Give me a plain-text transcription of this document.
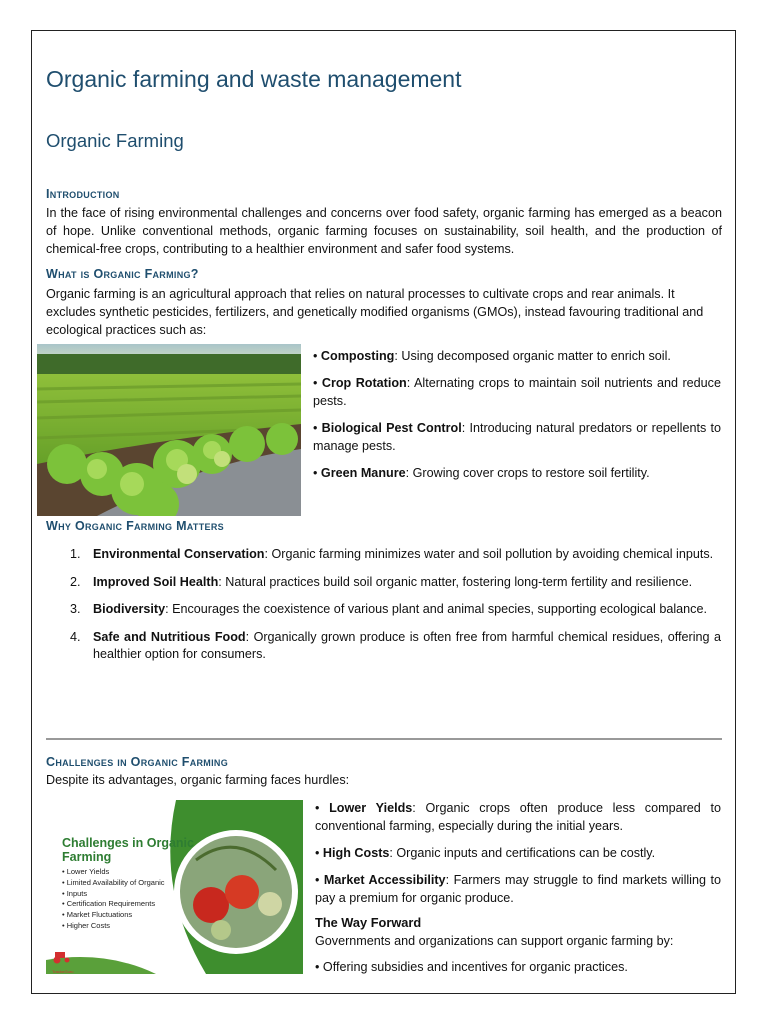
Organic farming and waste management
Organic Farming
Introduction
In the face of rising environmental challenges and concerns over food safety, organic farming has emerged as a beacon of hope. Unlike conventional methods, organic farming focuses on sustainability, soil health, and the production of chemical-free crops, contributing to a healthier environment and safer food systems.
What is Organic Farming?
Organic farming is an agricultural approach that relies on natural processes to cultivate crops and rear animals. It excludes synthetic pesticides, fertilizers, and genetically modified organisms (GMOs), instead favouring traditional and ecological practices such as:
• Composting: Using decomposed organic matter to enrich soil.
• Crop Rotation: Alternating crops to maintain soil nutrients and reduce pests.
• Biological Pest Control: Introducing natural predators or repellents to manage pests.
• Green Manure: Growing cover crops to restore soil fertility.
Why Organic Farming Matters
1. Environmental Conservation: Organic farming minimizes water and soil pollution by avoiding chemical inputs.
2. Improved Soil Health: Natural practices build soil organic matter, fostering long-term fertility and resilience.
3. Biodiversity: Encourages the coexistence of various plant and animal species, supporting ecological balance.
4. Safe and Nutritious Food: Organically grown produce is often free from harmful chemical residues, offering a healthier option for consumers.
Challenges in Organic Farming
Despite its advantages, organic farming faces hurdles:
Challenges in Organic
Farming
• Lower Yields
• Limited Availability of Organic
• Inputs
• Certification Requirements
• Market Fluctuations
• Higher Costs
TractorGuru
• Lower Yields: Organic crops often produce less compared to conventional farming, especially during the initial years.
• High Costs: Organic inputs and certifications can be costly.
• Market Accessibility: Farmers may struggle to find markets willing to pay a premium for organic produce.
The Way Forward
Governments and organizations can support organic farming by:
• Offering subsidies and incentives for organic practices.
